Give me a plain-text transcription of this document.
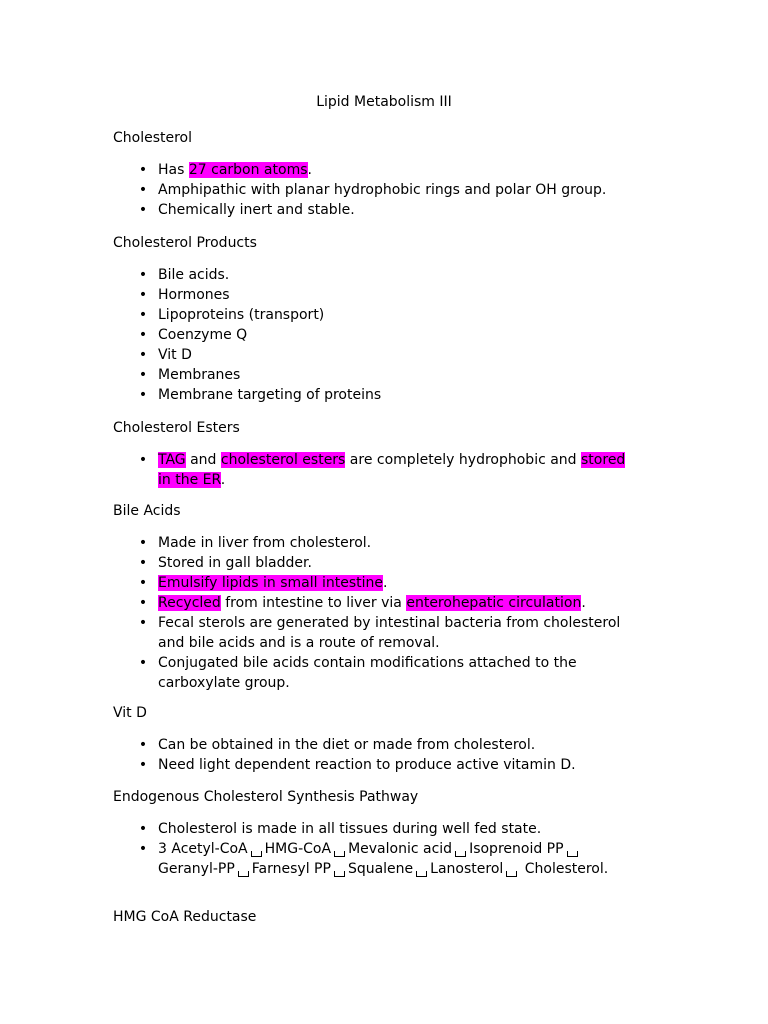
Lipid Metabolism III
Cholesterol
• Has 27 carbon atoms.
• Amphipathic with planar hydrophobic rings and polar OH group.
• Chemically inert and stable.
Cholesterol Products
• Bile acids.
• Hormones
• Lipoproteins (transport)
• Coenzyme Q
• Vit D
• Membranes
• Membrane targeting of proteins
Cholesterol Esters
• TAG and cholesterol esters are completely hydrophobic and stored in the ER.
Bile Acids
• Made in liver from cholesterol.
• Stored in gall bladder.
• Emulsify lipids in small intestine.
• Recycled from intestine to liver via enterohepatic circulation.
• Fecal sterols are generated by intestinal bacteria from cholesterol and bile acids and is a route of removal.
• Conjugated bile acids contain modifications attached to the carboxylate group.
Vit D
• Can be obtained in the diet or made from cholesterol.
• Need light dependent reaction to produce active vitamin D.
Endogenous Cholesterol Synthesis Pathway
• Cholesterol is made in all tissues during well fed state.
• 3 Acetyl-CoA HMG-CoA Mevalonic acid Isoprenoid PP Geranyl-PP Farnesyl PP Squalene Lanosterol Cholesterol.
HMG CoA Reductase
